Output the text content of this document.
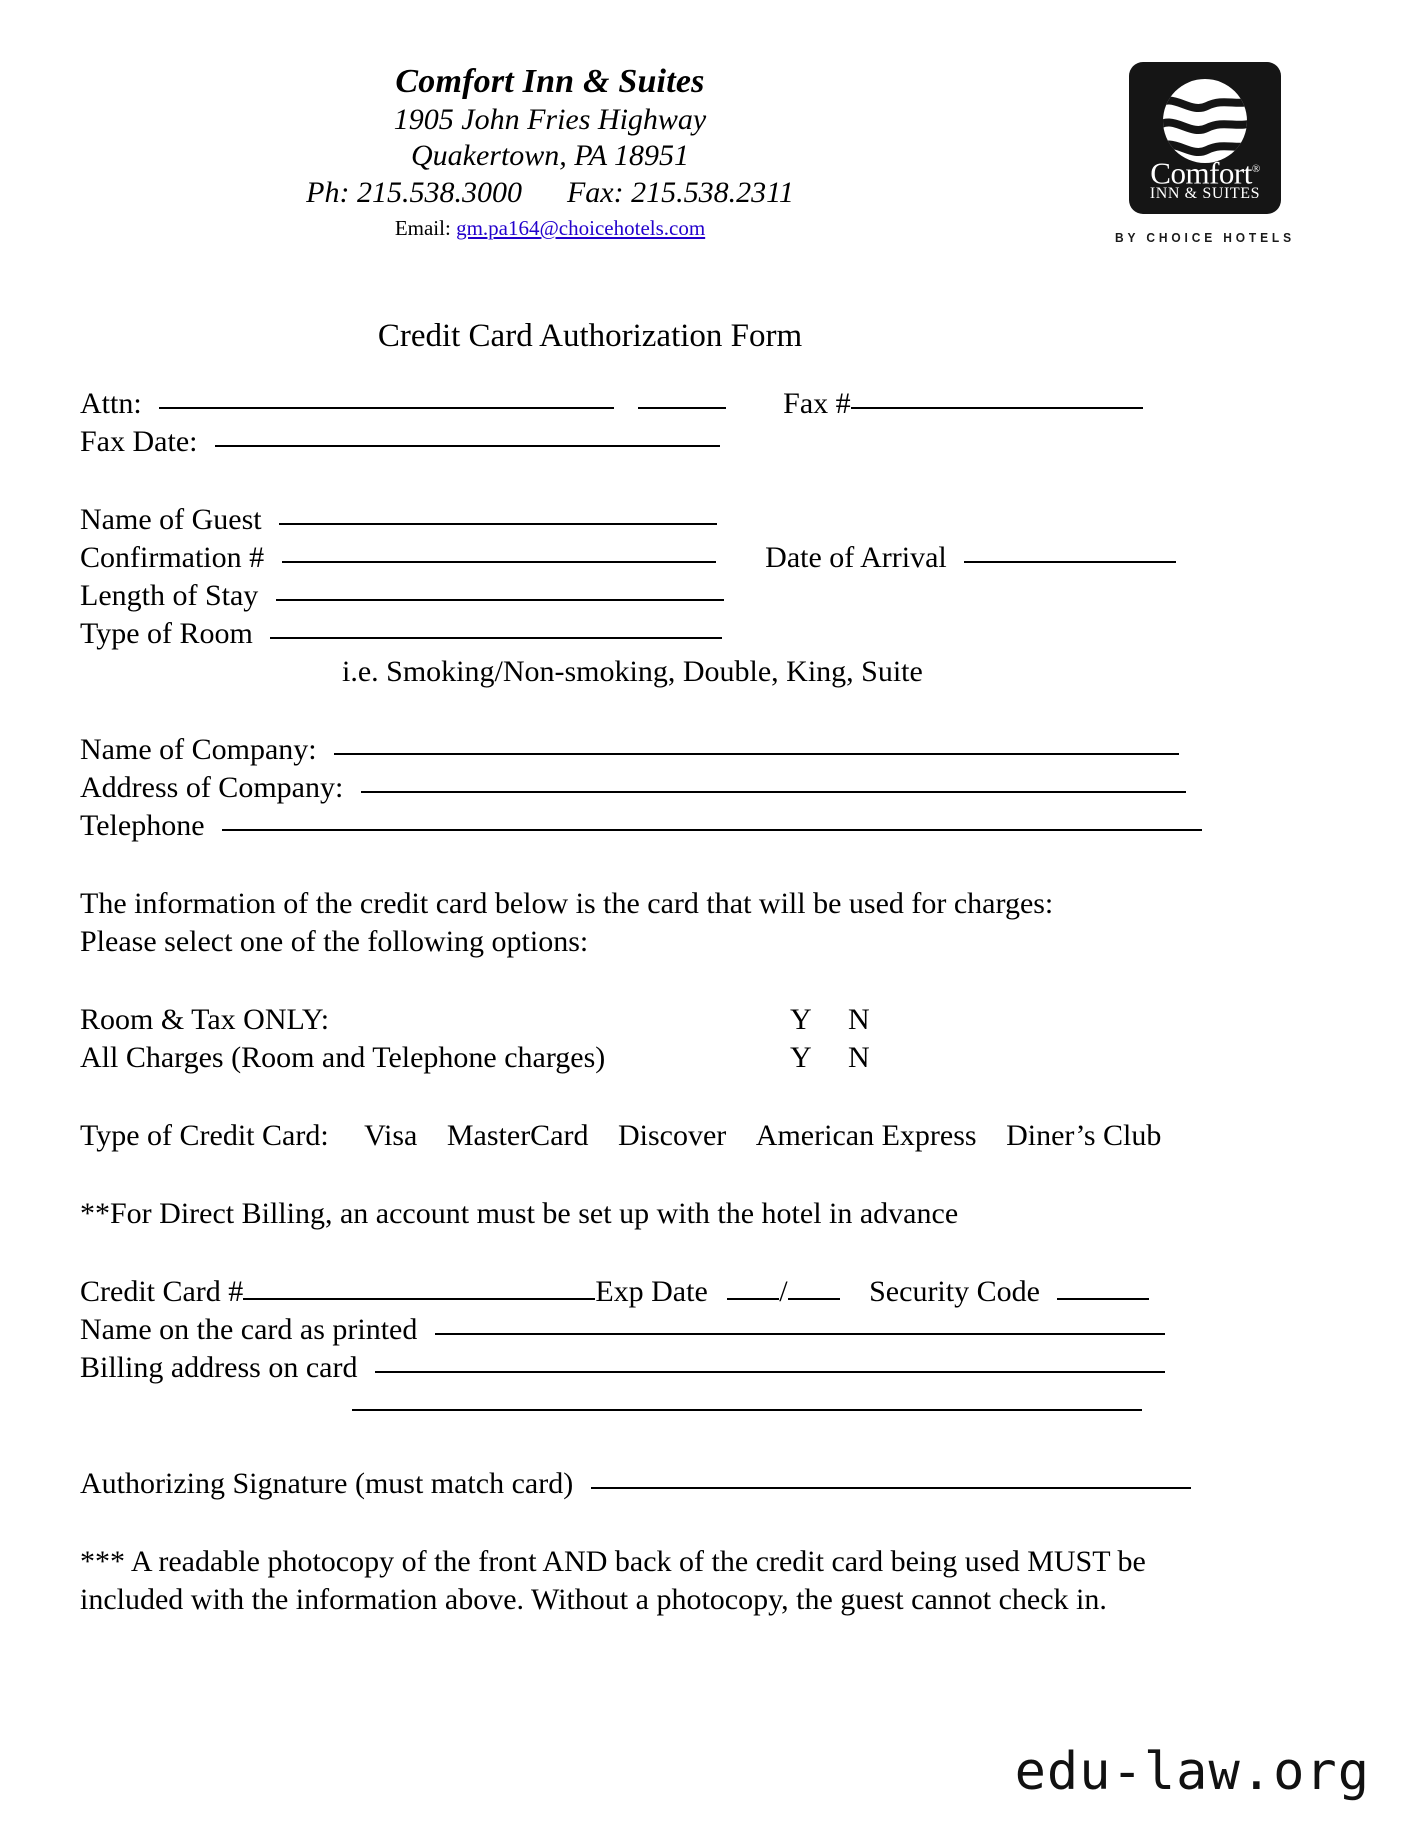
Comfort Inn & Suites
1905 John Fries Highway
Quakertown, PA 18951
Ph: 215.538.3000      Fax: 215.538.2311
Email: gm.pa164@choicehotels.com
Comfort®
INN & SUITES
BY CHOICE HOTELS
Credit Card Authorization Form
Attn:	Fax #
Fax Date:
Name of Guest
Confirmation #	Date of Arrival
Length of Stay
Type of Room
i.e. Smoking/Non-smoking, Double, King, Suite
Name of Company:
Address of Company:
Telephone
The information of the credit card below is the card that will be used for charges:
Please select one of the following options:
Room & Tax ONLY:	Y N
All Charges (Room and Telephone charges)	Y N
Type of Credit Card: Visa MasterCard Discover American Express Diner’s Club
**For Direct Billing, an account must be set up with the hotel in advance
Credit Card #	Exp Date /	Security Code
Name on the card as printed
Billing address on card
Authorizing Signature (must match card)
*** A readable photocopy of the front AND back of the credit card being used MUST be
included with the information above. Without a photocopy, the guest cannot check in.
edu-law.org
